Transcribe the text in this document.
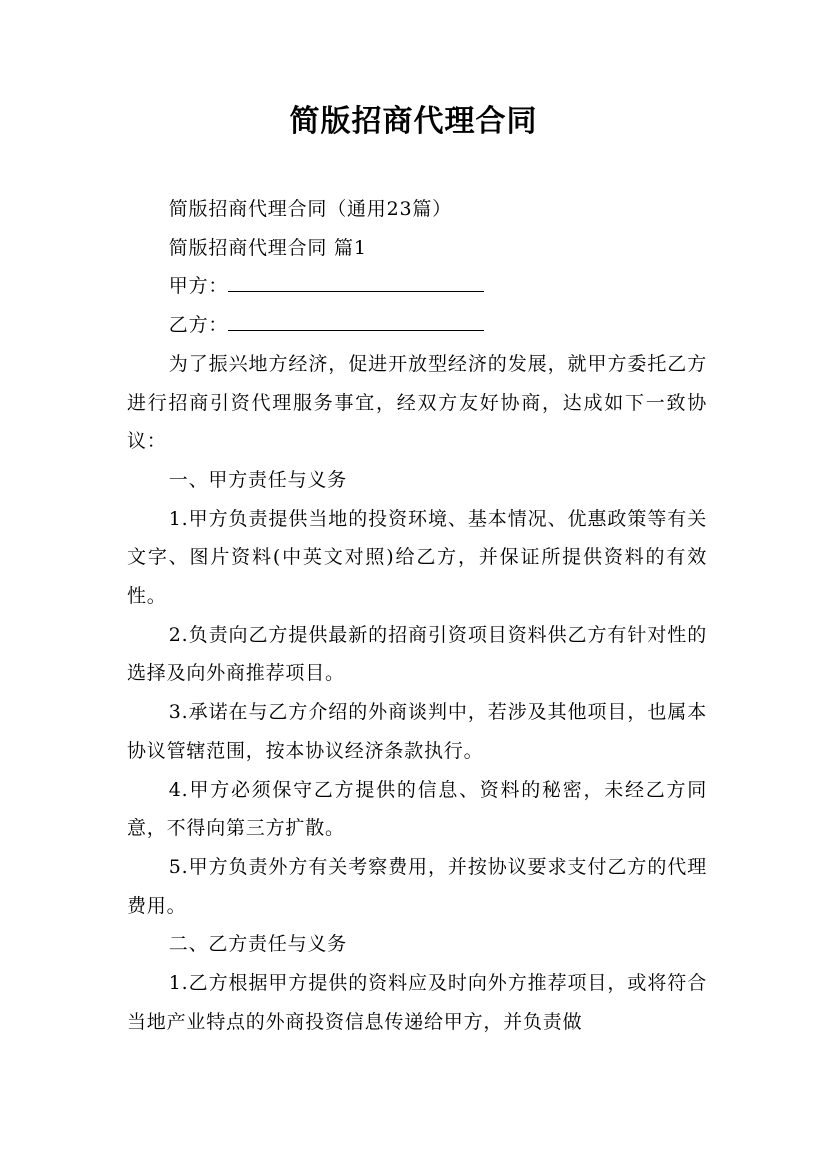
简版招商代理合同

简版招商代理合同（通用23篇）

简版招商代理合同 篇1

甲方：

乙方：

为了振兴地方经济，促进开放型经济的发展，就甲方委托乙方进行招商引资代理服务事宜，经双方友好协商，达成如下一致协议：

一、甲方责任与义务

1.甲方负责提供当地的投资环境、基本情况、优惠政策等有关文字、图片资料(中英文对照)给乙方，并保证所提供资料的有效性。

2.负责向乙方提供最新的招商引资项目资料供乙方有针对性的选择及向外商推荐项目。

3.承诺在与乙方介绍的外商谈判中，若涉及其他项目，也属本协议管辖范围，按本协议经济条款执行。

4.甲方必须保守乙方提供的信息、资料的秘密，未经乙方同意，不得向第三方扩散。

5.甲方负责外方有关考察费用，并按协议要求支付乙方的代理费用。

二、乙方责任与义务

1.乙方根据甲方提供的资料应及时向外方推荐项目，或将符合当地产业特点的外商投资信息传递给甲方，并负责做
